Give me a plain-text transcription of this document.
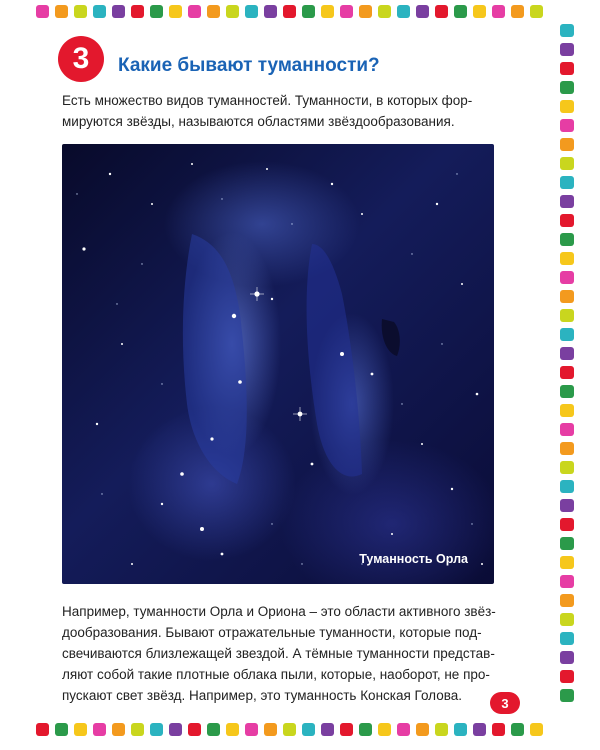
3	Какие бывают туманности?

Есть множество видов туманностей. Туманности, в которых фор-
мируются звёзды, называются областями звёздообразования.

Туманность Орла

Например, туманности Орла и Ориона – это области активного звёз-
дообразования. Бывают отражательные туманности, которые под-
свечиваются близлежащей звездой. А тёмные туманности представ-
ляют собой такие плотные облака пыли, которые, наоборот, не про-
пускают свет звёзд. Например, это туманность Конская Голова.	3
